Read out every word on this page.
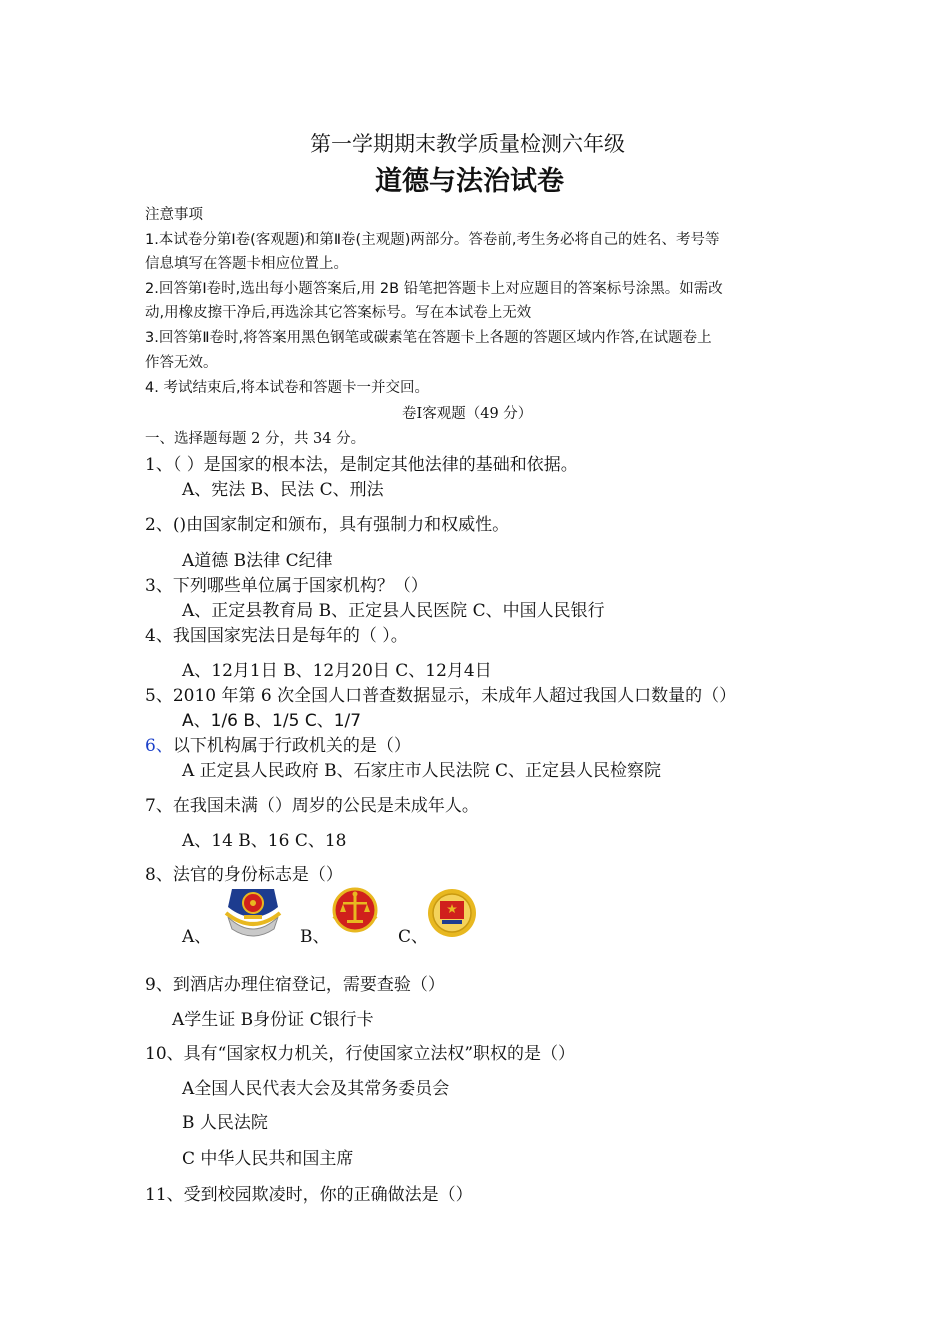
第一学期期末教学质量检测六年级
道德与法治试卷
注意事项
1.本试卷分第Ⅰ卷(客观题)和第Ⅱ卷(主观题)两部分。答卷前,考生务必将自己的姓名、考号等
信息填写在答题卡相应位置上。
2.回答第Ⅰ卷时,选出每小题答案后,用 2B 铅笔把答题卡上对应题目的答案标号涂黑。如需改
动,用橡皮擦干净后,再选涂其它答案标号。写在本试卷上无效
3.回答第Ⅱ卷时,将答案用黑色钢笔或碳素笔在答题卡上各题的答题区域内作答,在试题卷上
作答无效。
4. 考试结束后,将本试卷和答题卡一并交回。
卷Ⅰ客观题（49 分）
一、选择题每题 2 分，共 34 分。
1、（ ）是国家的根本法，是制定其他法律的基础和依据。
A、宪法 B、民法 C、刑法
2、()由国家制定和颁布，具有强制力和权威性。
A道德 B法律 C纪律
3、下列哪些单位属于国家机构？（）
A、正定县教育局 B、正定县人民医院 C、中国人民银行
4、我国国家宪法日是每年的（ ）。
A、12月1日 B、12月20日 C、12月4日
5、2010 年第 6 次全国人口普查数据显示，未成年人超过我国人口数量的（）
A、1/6 B、1/5 C、1/7
6、以下机构属于行政机关的是（）
A 正定县人民政府 B、石家庄市人民法院 C、正定县人民检察院
7、在我国未满（）周岁的公民是未成年人。
A、14 B、16 C、18
8、法官的身份标志是（）
A、	B、	C、
9、到酒店办理住宿登记，需要查验（）
A学生证 B身份证 C银行卡
10、具有“国家权力机关，行使国家立法权”职权的是（）
A全国人民代表大会及其常务委员会
B 人民法院
C 中华人民共和国主席
11、受到校园欺凌时，你的正确做法是（）
